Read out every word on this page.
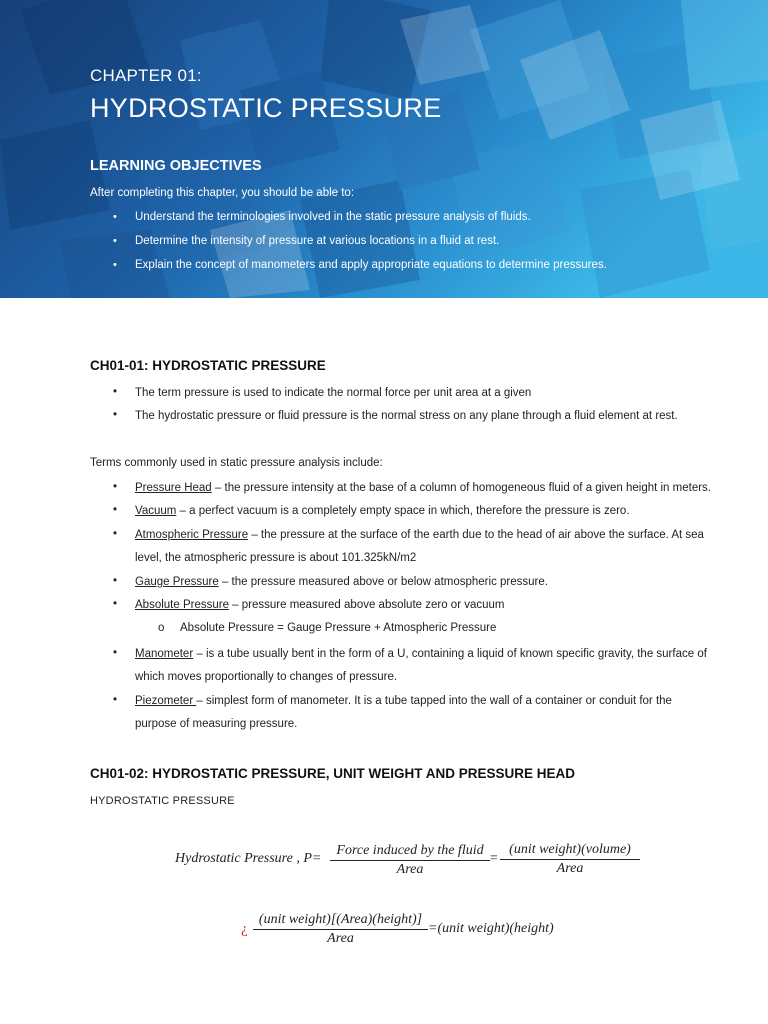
CHAPTER 01:
HYDROSTATIC PRESSURE
LEARNING OBJECTIVES
After completing this chapter, you should be able to:
• Understand the terminologies involved in the static pressure analysis of fluids.
• Determine the intensity of pressure at various locations in a fluid at rest.
• Explain the concept of manometers and apply appropriate equations to determine pressures.
CH01-01: HYDROSTATIC PRESSURE
• The term pressure is used to indicate the normal force per unit area at a given
• The hydrostatic pressure or fluid pressure is the normal stress on any plane through a fluid element at rest.
Terms commonly used in static pressure analysis include:
• Pressure Head – the pressure intensity at the base of a column of homogeneous fluid of a given height in meters.
• Vacuum – a perfect vacuum is a completely empty space in which, therefore the pressure is zero.
• Atmospheric Pressure – the pressure at the surface of the earth due to the head of air above the surface. At sea
level, the atmospheric pressure is about 101.325kN/m2
• Gauge Pressure – the pressure measured above or below atmospheric pressure.
• Absolute Pressure – pressure measured above absolute zero or vacuum
o Absolute Pressure = Gauge Pressure + Atmospheric Pressure
• Manometer – is a tube usually bent in the form of a U, containing a liquid of known specific gravity, the surface of
which moves proportionally to changes of pressure.
• Piezometer – simplest form of manometer. It is a tube tapped into the wall of a container or conduit for the
purpose of measuring pressure.
CH01-02: HYDROSTATIC PRESSURE, UNIT WEIGHT AND PRESSURE HEAD
HYDROSTATIC PRESSURE
Hydrostatic Pressure , P=
Force induced by the fluid
Area
=
(unit weight)(volume)
Area
¿
(unit weight)[(Area)(height)]
Area
=(unit weight)(height)
